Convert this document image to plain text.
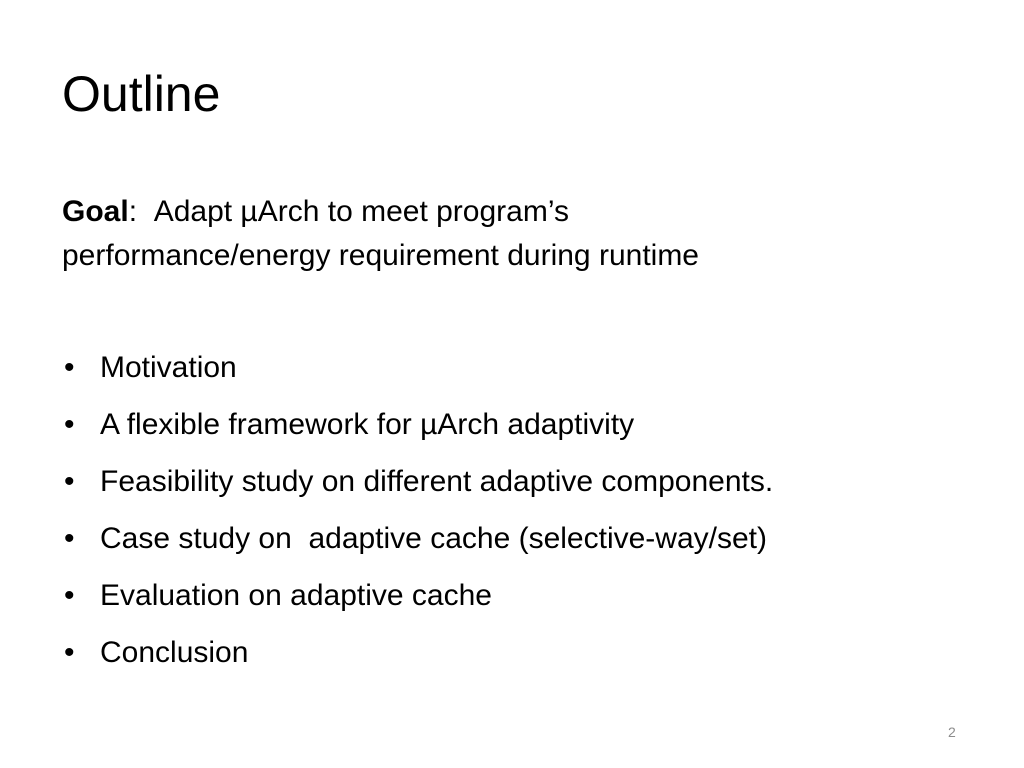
Outline
Goal: Adapt µArch to meet program’s
performance/energy requirement during runtime
• Motivation
• A flexible framework for µArch adaptivity
• Feasibility study on different adaptive components.
• Case study on  adaptive cache (selective-way/set)
• Evaluation on adaptive cache
• Conclusion
2
